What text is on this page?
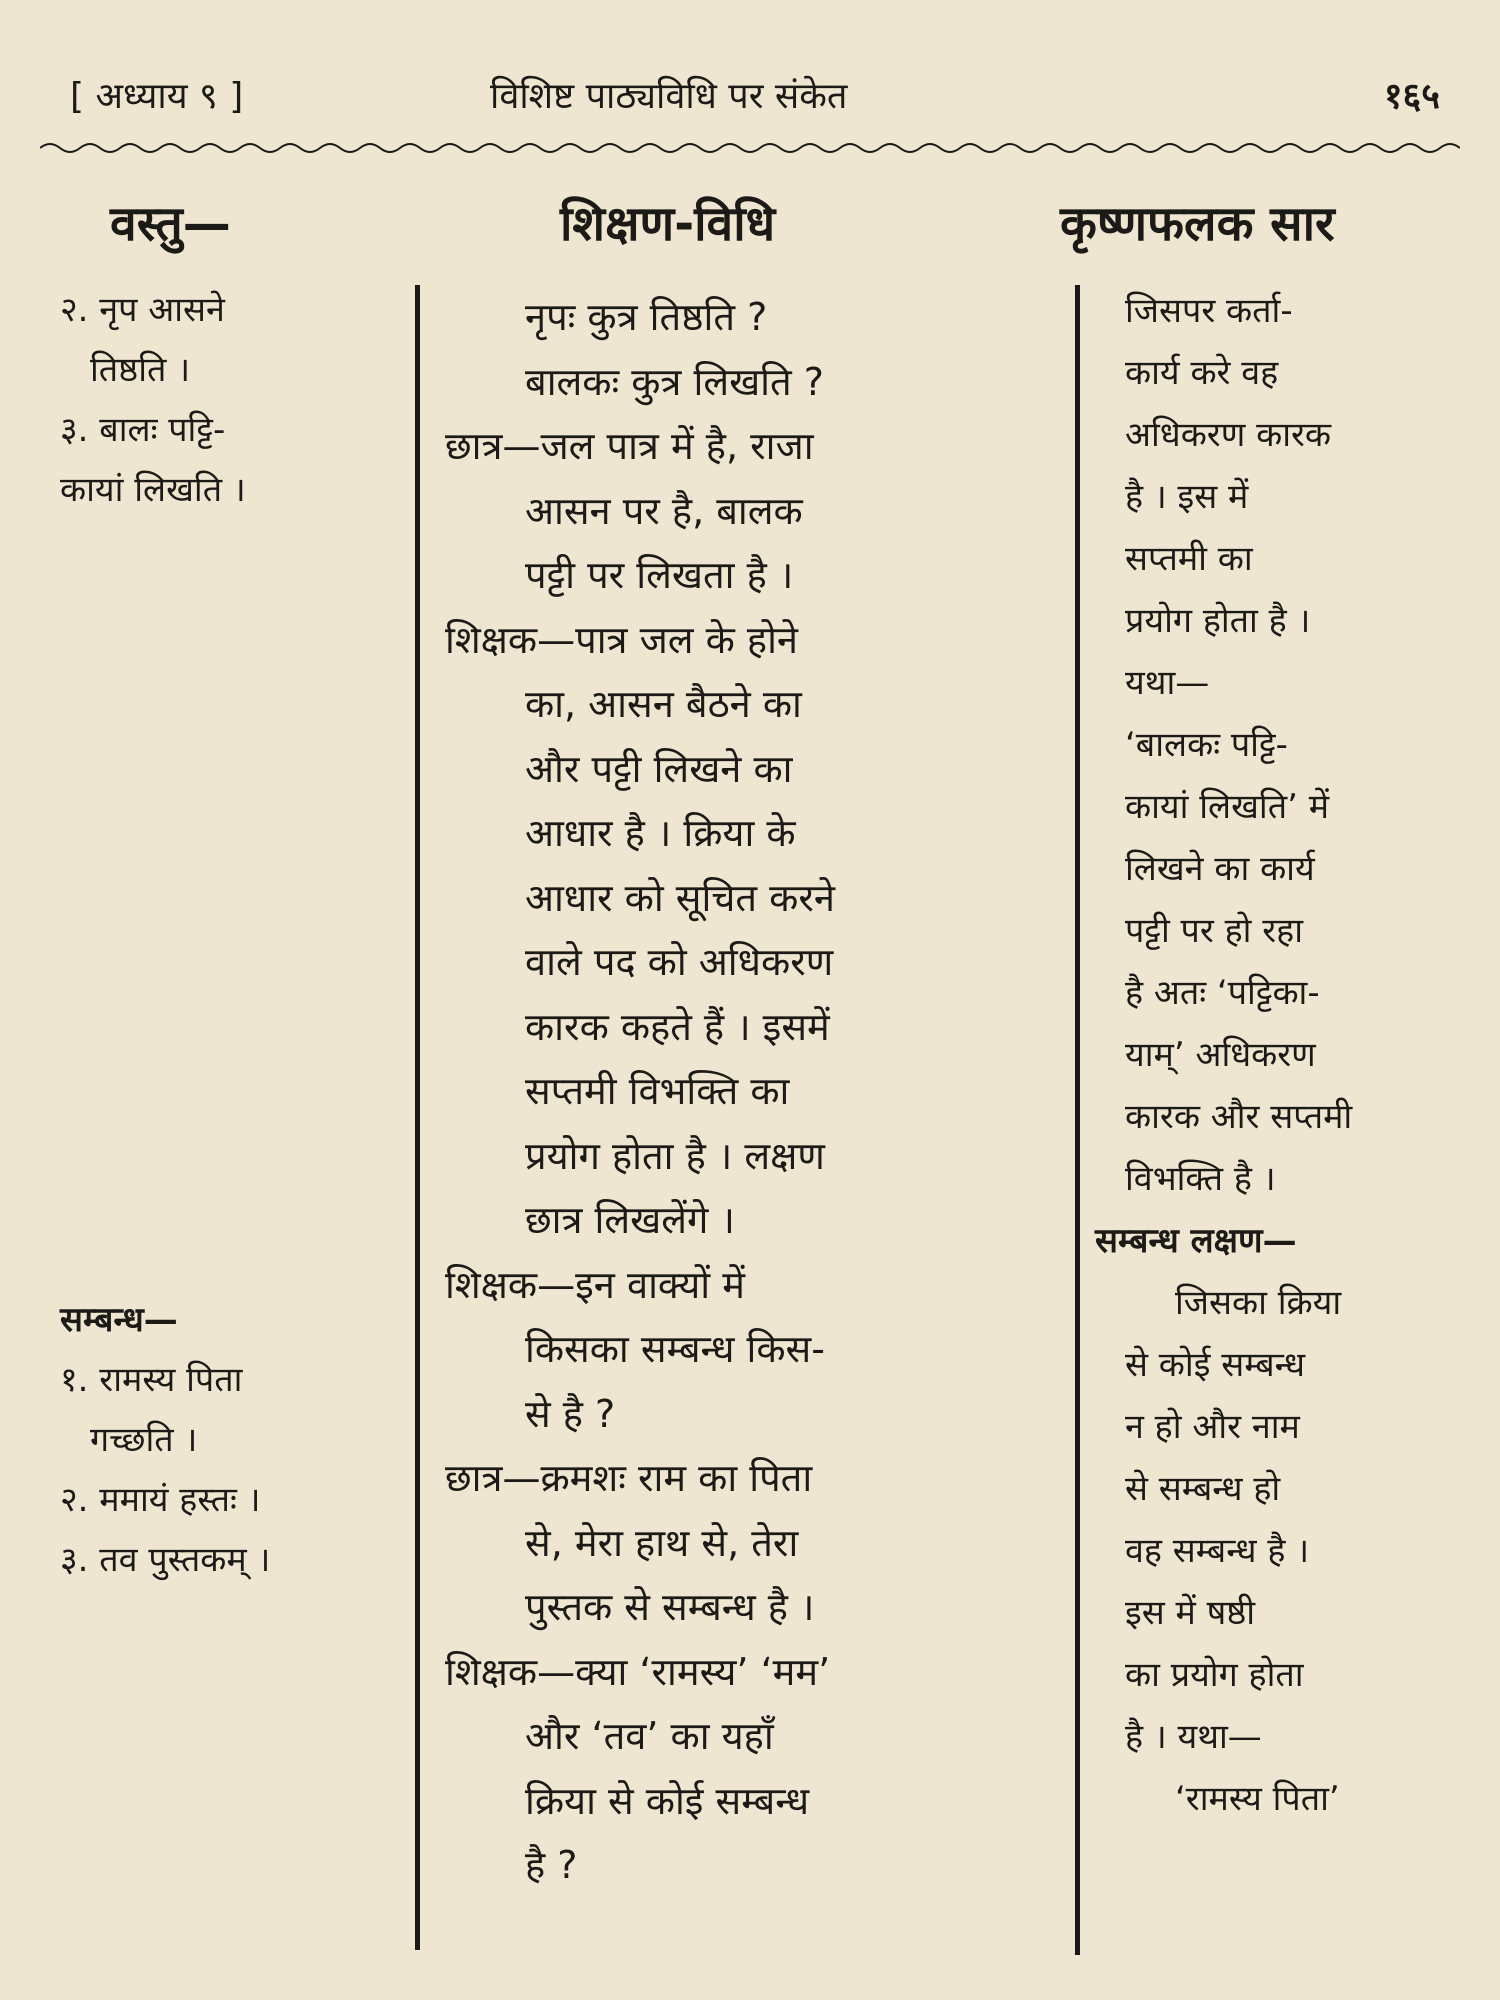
[ अध्याय ९ ]	विशिष्ट पाठ्यविधि पर संकेत	१६५
वस्तु—	शिक्षण-विधि	कृष्णफलक सार
२. नृप आसने
तिष्ठति ।
३. बालः पट्टि-
कायां लिखति ।
सम्बन्ध—
१. रामस्य पिता
गच्छति ।
२. ममायं हस्तः ।
३. तव पुस्तकम् ।
नृपः कुत्र तिष्ठति ?
बालकः कुत्र लिखति ?
छात्र—जल पात्र में है, राजा
आसन पर है, बालक
पट्टी पर लिखता है ।
शिक्षक—पात्र जल के होने
का, आसन बैठने का
और पट्टी लिखने का
आधार है । क्रिया के
आधार को सूचित करने
वाले पद को अधिकरण
कारक कहते हैं । इसमें
सप्तमी विभक्ति का
प्रयोग होता है । लक्षण
छात्र लिखलेंगे ।
शिक्षक—इन वाक्यों में
किसका सम्बन्ध किस-
से है ?
छात्र—क्रमशः राम का पिता
से, मेरा हाथ से, तेरा
पुस्तक से सम्बन्ध है ।
शिक्षक—क्या ‘रामस्य’ ‘मम’
और ‘तव’ का यहाँ
क्रिया से कोई सम्बन्ध
है ?
जिसपर कर्ता-
कार्य करे वह
अधिकरण कारक
है । इस में
सप्तमी का
प्रयोग होता है ।
यथा—
‘बालकः पट्टि-
कायां लिखति’ में
लिखने का कार्य
पट्टी पर हो रहा
है अतः ‘पट्टिका-
याम्’ अधिकरण
कारक और सप्तमी
विभक्ति है ।
सम्बन्ध लक्षण—
जिसका क्रिया
से कोई सम्बन्ध
न हो और नाम
से सम्बन्ध हो
वह सम्बन्ध है ।
इस में षष्ठी
का प्रयोग होता
है । यथा—
‘रामस्य पिता’
